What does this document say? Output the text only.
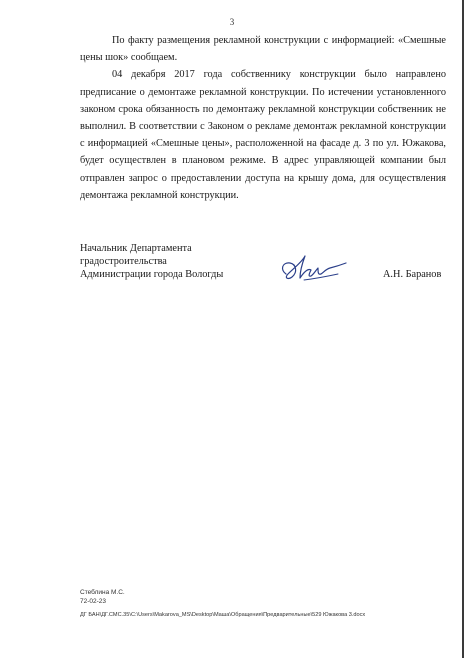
3

По факту размещения рекламной конструкции с информацией: «Смешные цены шок» сообщаем.

04 декабря 2017 года собственнику конструкции было направлено предписание о демонтаже рекламной конструкции. По истечении установленного законом срока обязанность по демонтажу рекламной конструкции собственник не выполнил. В соответствии с Законом о рекламе демонтаж рекламной конструкции с информацией «Смешные цены», расположенной на фасаде д. 3 по ул. Южакова, будет осуществлен в плановом режиме. В адрес управляющей компании был отправлен запрос о предоставлении доступа на крышу дома, для осуществления демонтажа рекламной конструкции.

Начальник Департамента
градостроительства
Администрации города Вологды	А.Н. Баранов
Стеблина М.С.
72-02-23
ДГ БАН\ДГ.СМС.35\С:\Users\Makarova_MS\Desktop\Маша\Обращения\Предварительные\529 Южакова 3.docx
